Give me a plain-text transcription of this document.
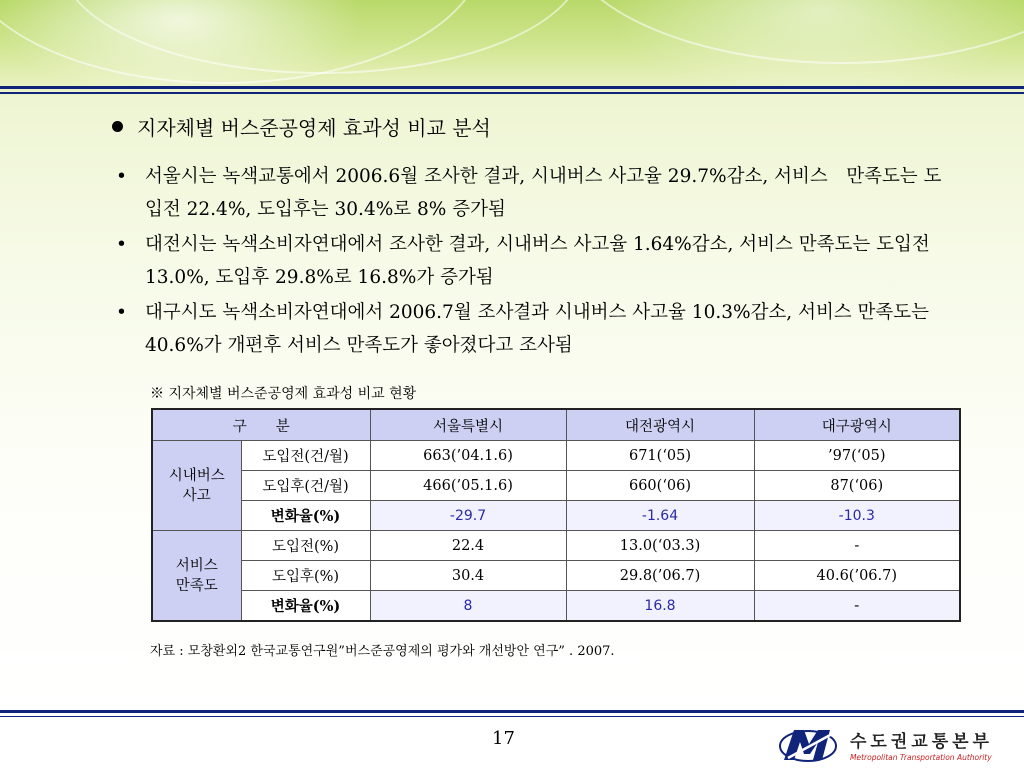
지자체별 버스준공영제 효과성 비교 분석
• 서울시는 녹색교통에서 2006.6월 조사한 결과, 시내버스 사고율 29.7%감소, 서비스　만족도는 도입전 22.4%, 도입후는 30.4%로 8% 증가됨
• 대전시는 녹색소비자연대에서 조사한 결과, 시내버스 사고율 1.64%감소, 서비스 만족도는 도입전 13.0%, 도입후 29.8%로 16.8%가 증가됨
• 대구시도 녹색소비자연대에서 2006.7월 조사결과 시내버스 사고율 10.3%감소, 서비스 만족도는 40.6%가 개편후 서비스 만족도가 좋아졌다고 조사됨
※ 지자체별 버스준공영제 효과성 비교 현황
구　　분		서울특별시	대전광역시	대구광역시
시내버스
사고	도입전(건/월)	663(’04.1.6)	671(‘05)	’97(‘05)
	도입후(건/월)	466(’05.1.6)	660(‘06)	87(‘06)
	변화율(%)	-29.7	-1.64	-10.3
서비스
만족도	도입전(%)	22.4	13.0(‘03.3)	-
	도입후(%)	30.4	29.8(’06.7)	40.6(’06.7)
	변화율(%)	8	16.8	-
자료 : 모창환외2 한국교통연구원”버스준공영제의 평가와 개선방안 연구” . 2007.
17	수도권교통본부
Metropolitan Transportation Authority
